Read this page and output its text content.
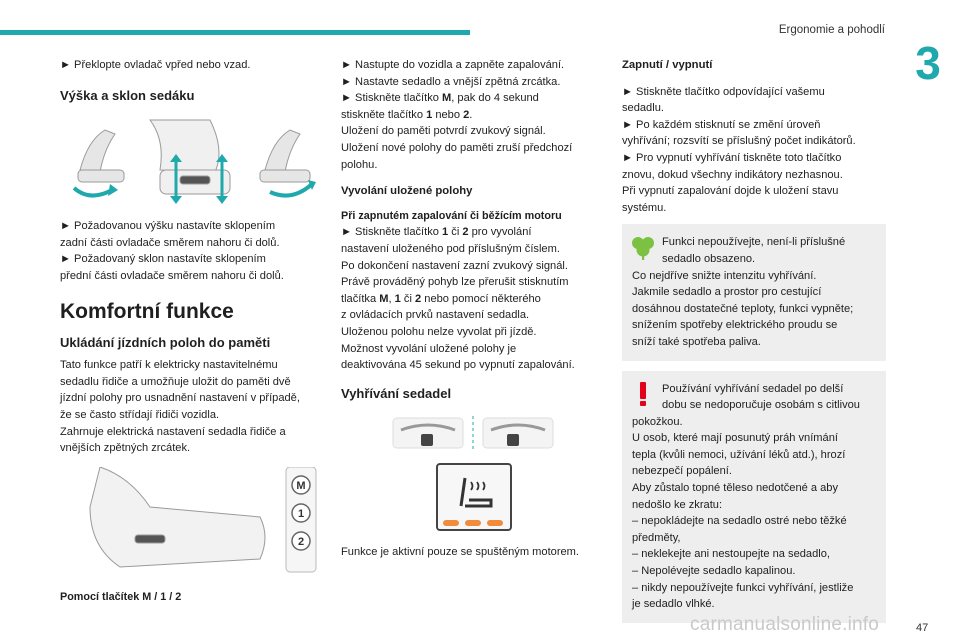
Ergonomie a pohodlí
3

► Překlopte ovladač vpřed nebo vzad.

Výška a sklon sedáku

► Požadovanou výšku nastavíte sklopením

zadní části ovladače směrem nahoru či dolů.

► Požadovaný sklon nastavíte sklopením

přední části ovladače směrem nahoru či dolů.

Komfortní funkce

Ukládání jízdních poloh do paměti

Tato funkce patří k elektricky nastavitelnému

sedadlu řidiče a umožňuje uložit do paměti dvě

jízdní polohy pro usnadnění nastavení v případě,

že se často střídají řidiči vozidla.

Zahrnuje elektrická nastavení sedadla řidiče a

vnějších zpětných zrcátek.

M
1
2

Pomocí tlačítek M / 1 / 2

► Nastupte do vozidla a zapněte zapalování.

► Nastavte sedadlo a vnější zpětná zrcátka.

► Stiskněte tlačítko M, pak do 4 sekund

stiskněte tlačítko 1 nebo 2.

Uložení do paměti potvrdí zvukový signál.

Uložení nové polohy do paměti zruší předchozí

polohu.

Vyvolání uložené polohy

Při zapnutém zapalování či běžícím motoru

► Stiskněte tlačítko 1 či 2 pro vyvolání

nastavení uloženého pod příslušným číslem.

Po dokončení nastavení zazní zvukový signál.

Právě prováděný pohyb lze přerušit stisknutím

tlačítka M, 1 či 2 nebo pomocí některého

z ovládacích prvků nastavení sedadla.

Uloženou polohu nelze vyvolat při jízdě.

Možnost vyvolání uložené polohy je

deaktivována 45 sekund po vypnutí zapalování.

Vyhřívání sedadel

Funkce je aktivní pouze se spuštěným motorem.

Zapnutí / vypnutí

► Stiskněte tlačítko odpovídající vašemu

sedadlu.

► Po každém stisknutí se změní úroveň

vyhřívání; rozsvítí se příslušný počet indikátorů.

► Pro vypnutí vyhřívání tiskněte toto tlačítko

znovu, dokud všechny indikátory nezhasnou.

Při vypnutí zapalování dojde k uložení stavu

systému.

Funkci nepoužívejte, není-li příslušné

sedadlo obsazeno.

Co nejdříve snižte intenzitu vyhřívání.

Jakmile sedadlo a prostor pro cestující

dosáhnou dostatečné teploty, funkci vypněte;

snížením spotřeby elektrického proudu se

sníží také spotřeba paliva.

Používání vyhřívání sedadel po delší

dobu se nedoporučuje osobám s citlivou

pokožkou.

U osob, které mají posunutý práh vnímání

tepla (kvůli nemoci, užívání léků atd.), hrozí

nebezpečí popálení.

Aby zůstalo topné těleso nedotčené a aby

nedošlo ke zkratu:

– nepokládejte na sedadlo ostré nebo těžké

předměty,

– neklekejte ani nestoupejte na sedadlo,

– Nepolévejte sedadlo kapalinou.

– nikdy nepoužívejte funkci vyhřívání, jestliže

je sedadlo vlhké.

carmanualsonline.info	47
